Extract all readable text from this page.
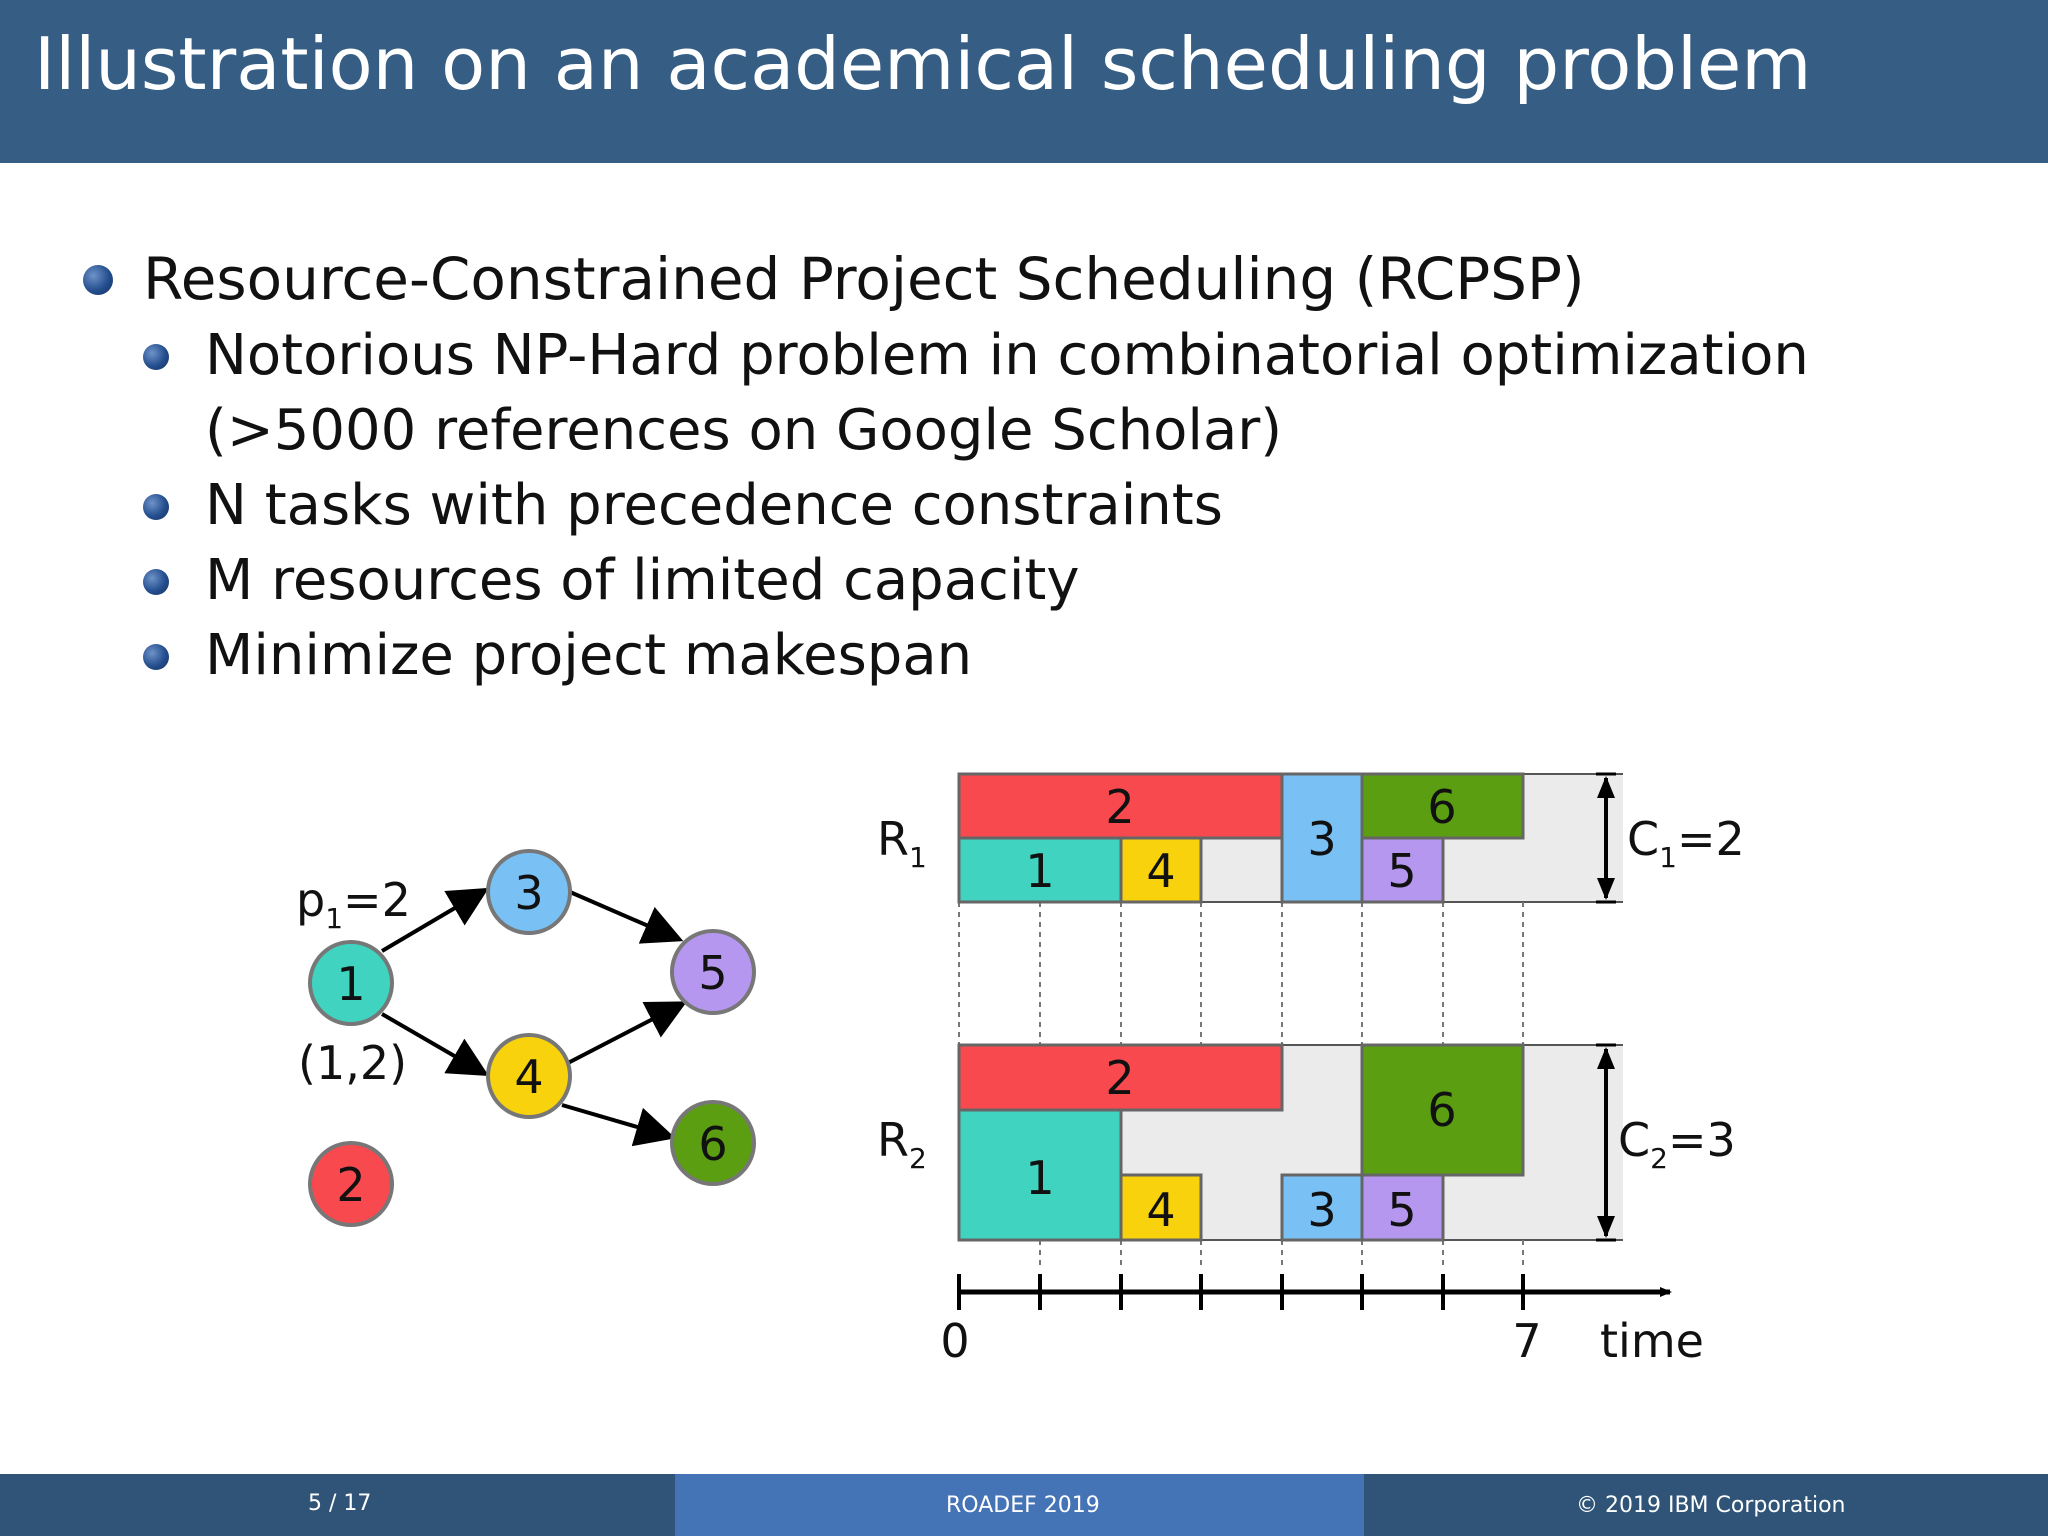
Illustration on an academical scheduling problem
Resource-Constrained Project Scheduling (RCPSP)
Notorious NP-Hard problem in combinatorial optimization
(>5000 references on Google Scholar)
N tasks with precedence constraints
M resources of limited capacity
Minimize project makespan
1
3
4
5
6
2
$p_1=2$
(1,2)
2
1 4
3
6
5
2
1
4	3 5
6
$R_1$
$R_2$
$C_1=2$
$C_2=3$
0	7 time
5 / 17	ROADEF 2019	© 2019 IBM Corporation
